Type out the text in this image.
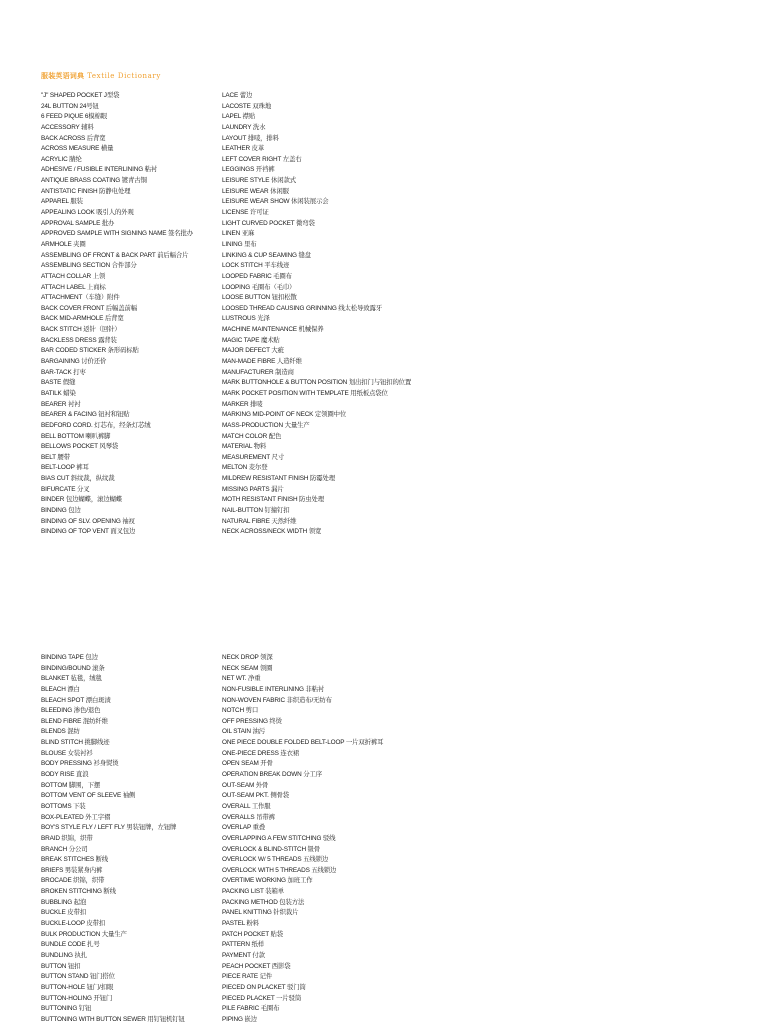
服装英语词典 Textile Dictionary
"J" SHAPED POCKET J型袋
24L BUTTON 24号钮
6 FEED PIQUE 6模棉眼
ACCESSORY 辅料
BACK ACROSS 后背宽
ACROSS MEASURE 横量
ACRYLIC 腈纶
ADHESIVE / FUSIBLE INTERLINING 粘衬
ANTIQUE BRASS COATING 镀青古铜
ANTISTATIC FINISH 防静电处理
APPAREL 服装
APPEALING LOOK 吸引人的外观
APPROVAL SAMPLE 批办
APPROVED SAMPLE WITH SIGNING NAME 签名批办
ARMHOLE 夹圈
ASSEMBLING OF FRONT & BACK PART 前后幅合片
ASSEMBLING SECTION 合件部分
ATTACH COLLAR 上领
ATTACH LABEL 上商标
ATTACHMENT（车缝）附件
BACK COVER FRONT 后幅盖前幅
BACK MID-ARMHOLE 后背宽
BACK STITCH 返针（回针）
BACKLESS DRESS 露背装
BAR CODED STICKER 条形码标贴
BARGAINING 讨价还价
BAR-TACK 打枣
BASTE 假缝
BATILK 蜡染
BEARER 衬衬
BEARER & FACING 钮衬和钮贴
BEDFORD CORD. 灯芯布，经条灯芯绒
BELL BOTTOM 喇叭裤脚
BELLOWS POCKET 风琴袋
BELT 腰带
BELT-LOOP 裤耳
BIAS CUT 斜纹裁，纵纹裁
BIFURCATE 分叉
BINDER 包边蝴蝶，滚边蝴蝶
BINDING 包边
BINDING OF SLV. OPENING 袖衩
BINDING OF TOP VENT 面叉包边
LACE 蕾边
LACOSTE 双珠地
LAPEL 襟贴
LAUNDRY 洗水
LAYOUT 排唛，排料
LEATHER 皮革
LEFT COVER RIGHT 左盖右
LEGGINGS 开裆裤
LEISURE STYLE 休闲款式
LEISURE WEAR 休闲服
LEISURE WEAR SHOW 休闲装展示会
LICENSE 许可证
LIGHT CURVED POCKET 微弯袋
LINEN 亚麻
LINING 里布
LINKING & CUP SEAMING 缝盘
LOCK STITCH 平车线迹
LOOPED FABRIC 毛圈布
LOOPING 毛圈布（毛巾）
LOOSE BUTTON 钮扣松散
LOOSED THREAD CAUSING GRINNING 线太松导致露牙
LUSTROUS 光泽
MACHINE MAINTENANCE 机械保养
MAGIC TAPE 魔术贴
MAJOR DEFECT 大疵
MAN-MADE FIBRE 人造纤维
MANUFACTURER 制造商
MARK BUTTONHOLE & BUTTON POSITION 划出扣门与钮扣的位置
MARK POCKET POSITION WITH TEMPLATE 用纸板点袋位
MARKER 排唛
MARKING MID-POINT OF NECK 定领圈中位
MASS-PRODUCTION 大量生产
MATCH COLOR 配色
MATERIAL 物料
MEASUREMENT 尺寸
MELTON 麦尔登
MILDREW RESISTANT FINISH 防霉处理
MISSING PARTS 漏片
MOTH RESISTANT FINISH 防虫处理
NAIL-BUTTON 钉撞钉扣
NATURAL FIBRE 天然纤维
NECK ACROSS/NECK WIDTH 领宽
BINDING TAPE 包边
BINDING/BOUND 滚条
BLANKET 毡毯，绒毯
BLEACH 漂白
BLEACH SPOT 漂白斑渍
BLEEDING 渗色/退色
BLEND FIBRE 混纺纤维
BLENDS 混纺
BLIND STITCH 挑脚线迹
BLOUSE 女装衬衫
BODY PRESSING 衫身熨烫
BODY RISE 直浪
BOTTOM 脚围，下摆
BOTTOM VENT OF SLEEVE 袖侧
BOTTOMS 下装
BOX-PLEATED 外工字褶
BOY'S STYLE FLY / LEFT FLY 男装钮牌，左钮牌
BRAID 织锦，织带
BRANCH 分公司
BREAK STITCHES 断线
BRIEFS 男装紧身内裤
BROCADE 织锦，织带
BROKEN STITCHING 断线
BUBBLING 起泡
BUCKLE 皮带扣
BUCKLE-LOOP 皮带扣
BULK PRODUCTION 大量生产
BUNDLE CODE 扎号
BUNDLING 执扎
BUTTON 钮扣
BUTTON STAND 钮门搭位
BUTTON-HOLE 钮门/扣眼
BUTTON-HOLING 开钮门
BUTTONING 钉钮
BUTTONING WITH BUTTON SEWER 用钉钮机钉钮
NECK DROP 领深
NECK SEAM 领圈
NET WT. 净重
NON-FUSIBLE INTERLINING 非粘衬
NON-WOVEN FABRIC 非织造布/无纺布
NOTCH 剪口
OFF PRESSING 终烫
OIL STAIN 油污
ONE PIECE DOUBLE FOLDED BELT-LOOP 一片双折裤耳
ONE-PIECE DRESS 连衣裙
OPEN SEAM 开骨
OPERATION BREAK DOWN 分工序
OUT-SEAM 外骨
OUT-SEAM PKT. 侧骨袋
OVERALL 工作服
OVERALLS 吊带裤
OVERLAP 重叠
OVERLAPPING A FEW STITCHING 驳线
OVERLOCK & BLIND-STITCH 钑骨
OVERLOCK W/ 5 THREADS 五线锁边
OVERLOCK WITH 5 THREADS 五线锁边
OVERTIME WORKING 加班工作
PACKING LIST 装箱单
PACKING METHOD 包装方法
PANEL KNITTING 针织裁片
PASTEL 粉料
PATCH POCKET 贴袋
PATTERN 纸样
PAYMENT 付款
PEACH POCKET 西影袋
PIECE RATE 记件
PIECED ON PLACKET 驳门筒
PIECED PLACKET 一片驳筒
PILE FABRIC 毛圈布
PIPING 嵌边
